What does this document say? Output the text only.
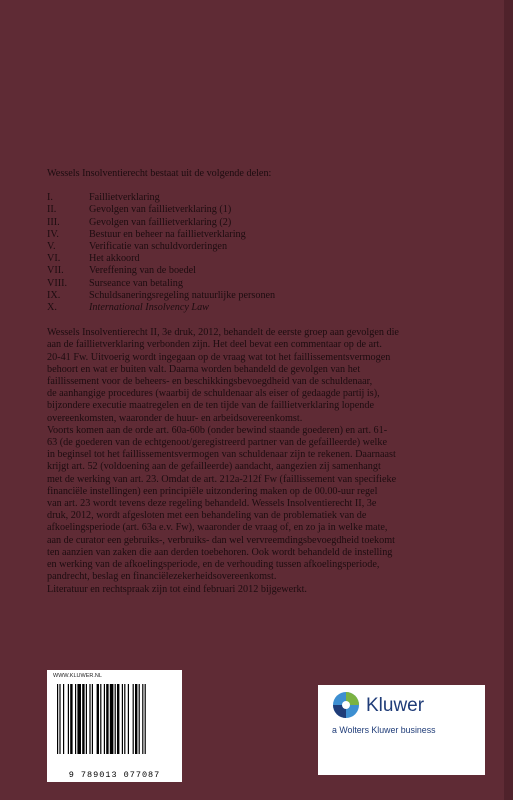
Wessels Insolventierecht bestaat uit de volgende delen:

I.	Faillietverklaring
II.	Gevolgen van faillietverklaring (1)
III.	Gevolgen van faillietverklaring (2)
IV.	Bestuur en beheer na faillietverklaring
V.	Verificatie van schuldvorderingen
VI.	Het akkoord
VII.	Vereffening van de boedel
VIII.	Surseance van betaling
IX.	Schuldsaneringsregeling natuurlijke personen
X.	International Insolvency Law

Wessels Insolventierecht II, 3e druk, 2012, behandelt de eerste groep aan gevolgen die

aan de faillietverklaring verbonden zijn. Het deel bevat een commentaar op de art.

20-41 Fw. Uitvoerig wordt ingegaan op de vraag wat tot het faillissementsvermogen

behoort en wat er buiten valt. Daarna worden behandeld de gevolgen van het

faillissement voor de beheers- en beschikkingsbevoegdheid van de schuldenaar,

de aanhangige procedures (waarbij de schuldenaar als eiser of gedaagde partij is),

bijzondere executie maatregelen en de ten tijde van de faillietverklaring lopende

overeenkomsten, waaronder de huur- en arbeidsovereenkomst.

Voorts komen aan de orde art. 60a-60b (onder bewind staande goederen) en art. 61-

63 (de goederen van de echtgenoot/geregistreerd partner van de gefailleerde) welke

in beginsel tot het faillissementsvermogen van schuldenaar zijn te rekenen. Daarnaast

krijgt art. 52 (voldoening aan de gefailleerde) aandacht, aangezien zij samenhangt

met de werking van art. 23. Omdat de art. 212a-212f Fw (faillissement van specifieke

financiële instellingen) een principiële uitzondering maken op de 00.00-uur regel

van art. 23 wordt tevens deze regeling behandeld. Wessels Insolventierecht II, 3e

druk, 2012, wordt afgesloten met een behandeling van de problematiek van de

afkoelingsperiode (art. 63a e.v. Fw), waaronder de vraag of, en zo ja in welke mate,

aan de curator een gebruiks-, verbruiks- dan wel vervreemdingsbevoegdheid toekomt

ten aanzien van zaken die aan derden toebehoren. Ook wordt behandeld de instelling

en werking van de afkoelingsperiode, en de verhouding tussen afkoelingsperiode,

pandrecht, beslag en financiëlezekerheidsovereenkomst.

Literatuur en rechtspraak zijn tot eind februari 2012 bijgewerkt.

WWW.KLUWER.NL
9 789013 077087
Kluwer
a Wolters Kluwer business
